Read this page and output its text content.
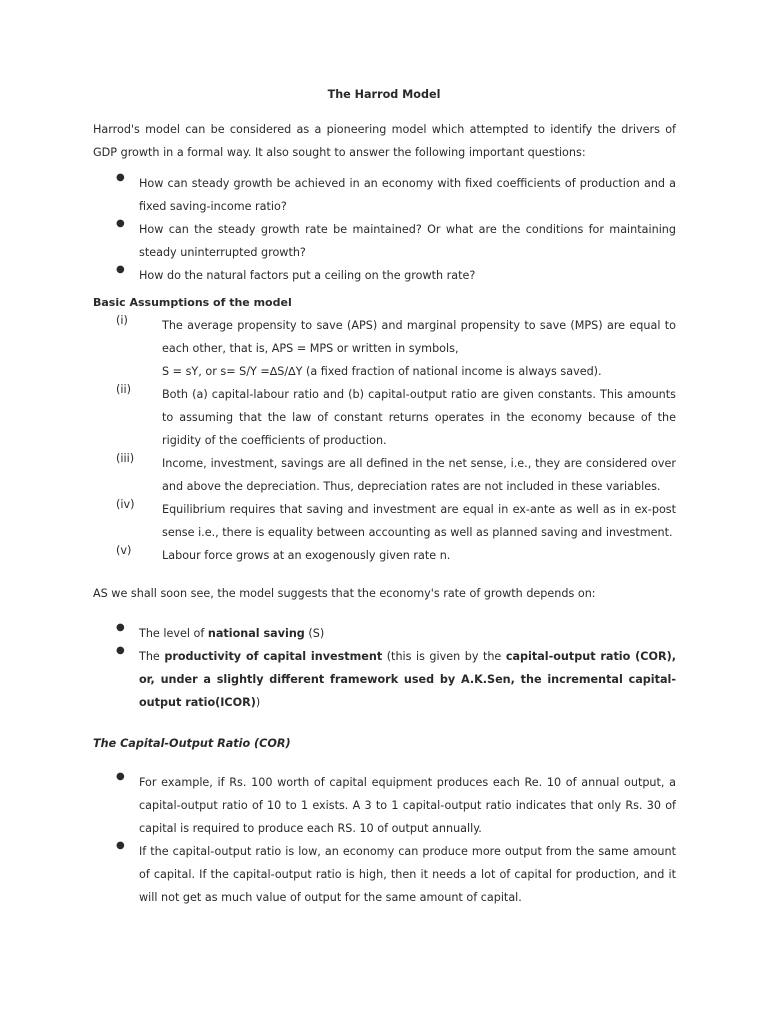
The Harrod Model
Harrod's model can be considered as a pioneering model which attempted to identify the drivers of GDP growth in a formal way. It also sought to answer the following important questions:
● How can steady growth be achieved in an economy with fixed coefficients of production and a fixed saving-income ratio?
● How can the steady growth rate be maintained? Or what are the conditions for maintaining steady uninterrupted growth?
● How do the natural factors put a ceiling on the growth rate?
Basic Assumptions of the model
(i)	The average propensity to save (APS) and marginal propensity to save (MPS) are equal to each other, that is, APS = MPS or written in symbols,
S = sY, or s= S/Y =∆S/∆Y (a fixed fraction of national income is always saved).
(ii)	Both (a) capital-labour ratio and (b) capital-output ratio are given constants. This amounts to assuming that the law of constant returns operates in the economy because of the rigidity of the coefficients of production.
(iii) Income, investment, savings are all defined in the net sense, i.e., they are considered over and above the depreciation. Thus, depreciation rates are not included in these variables.
(iv) Equilibrium requires that saving and investment are equal in ex-ante as well as in ex-post sense i.e., there is equality between accounting as well as planned saving and investment.
(v)	Labour force grows at an exogenously given rate n.
AS we shall soon see, the model suggests that the economy's rate of growth depends on:
● The level of national saving (S)
● The productivity of capital investment (this is given by the capital-output ratio (COR), or, under a slightly different framework used by A.K.Sen, the incremental capital-output ratio(ICOR))
The Capital-Output Ratio (COR)
● For example, if Rs. 100 worth of capital equipment produces each Re. 10 of annual output, a capital-output ratio of 10 to 1 exists. A 3 to 1 capital-output ratio indicates that only Rs. 30 of capital is required to produce each RS. 10 of output annually.
● If the capital-output ratio is low, an economy can produce more output from the same amount of capital. If the capital-output ratio is high, then it needs a lot of capital for production, and it will not get as much value of output for the same amount of capital.
